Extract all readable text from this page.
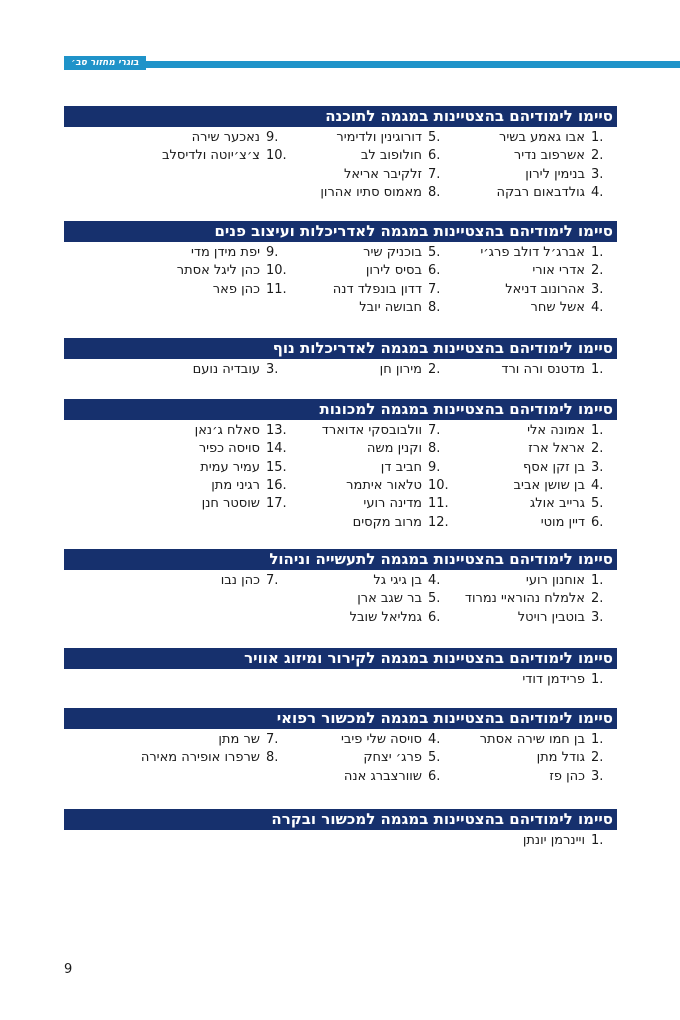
בוגרי מחזור סב׳
סיימו לימודיהם בהצטיינות במגמה לתוכנה
1.
אבו גאמע בשיר
2.
אשרפוב נדיר
3.
בנימין לירון
4.
גולדבאום רבקה
5.
דורוגינין ולדימיר
6.
חולופוב לב
7.
זלקיבר אריאל
8.
מאמוס סתיו אהרון
9.
נאכער שירה
10.
צ׳צ׳יוטה ולדיסלב
סיימו לימודיהם בהצטיינות במגמה לאדריכלות ועיצוב פנים
1.
אברג׳ל דולב פרג׳י
2.
אדרי אורי
3.
אהרונוב דניאל
4.
אשל שחר
5.
בוכניק שיר
6.
בסיס לירון
7.
דדון בונפלד דנה
8.
חבושה יובל
9.
יפת מידן מדי
10.
כהן ליגל אסתר
11.
כהן פאר
סיימו לימודיהם בהצטיינות במגמה לאדריכלות נוף
1.
מדטנס ורה ורד
2.
מירון חן
3.
עובדיה נועם
סיימו לימודיהם בהצטיינות במגמה למכונות
1.
אמונה אלי
2.
אראל ארז
3.
בן זקן אסף
4.
בן שושן אביב
5.
גרייב אולג
6.
דיין מוטי
7.
וולבובסקי אדוארד
8.
וקנין משה
9.
חביב דן
10.
טלאור איתמר
11.
מדינה רועי
12.
מרוב מקסים
13.
סאלח ג׳נאן
14.
סויסה כפיר
15.
עמיר עמית
16.
רגיני מתן
17.
שוסטר חנן
סיימו לימודיהם בהצטיינות במגמה לתעשייה וניהול
1.
אוחנון רועי
2.
אלמלח נהוראיי נמרוד
3.
בוטבין רויטל
4.
בן גיגי גל
5.
בר שגב ארן
6.
גמליאל שובל
7.
כהן נבו
סיימו לימודיהם בהצטיינות במגמה לקירור ומיזוג אוויר
1.
פרידמן דודי
סיימו לימודיהם בהצטיינות במגמה למכשור רפואי
1.
בן חמו שירה אסתר
2.
גודל מתן
3.
כהן פז
4.
סויסה שלי פיבי
5.
פרג׳ יצחק
6.
שוורצברג אנה
7.
שר מתן
8.
שרפרו אופירה מאירה
סיימו לימודיהם בהצטיינות במגמה למכשור ובקרה
1.
ויינרמן יונתן
9
